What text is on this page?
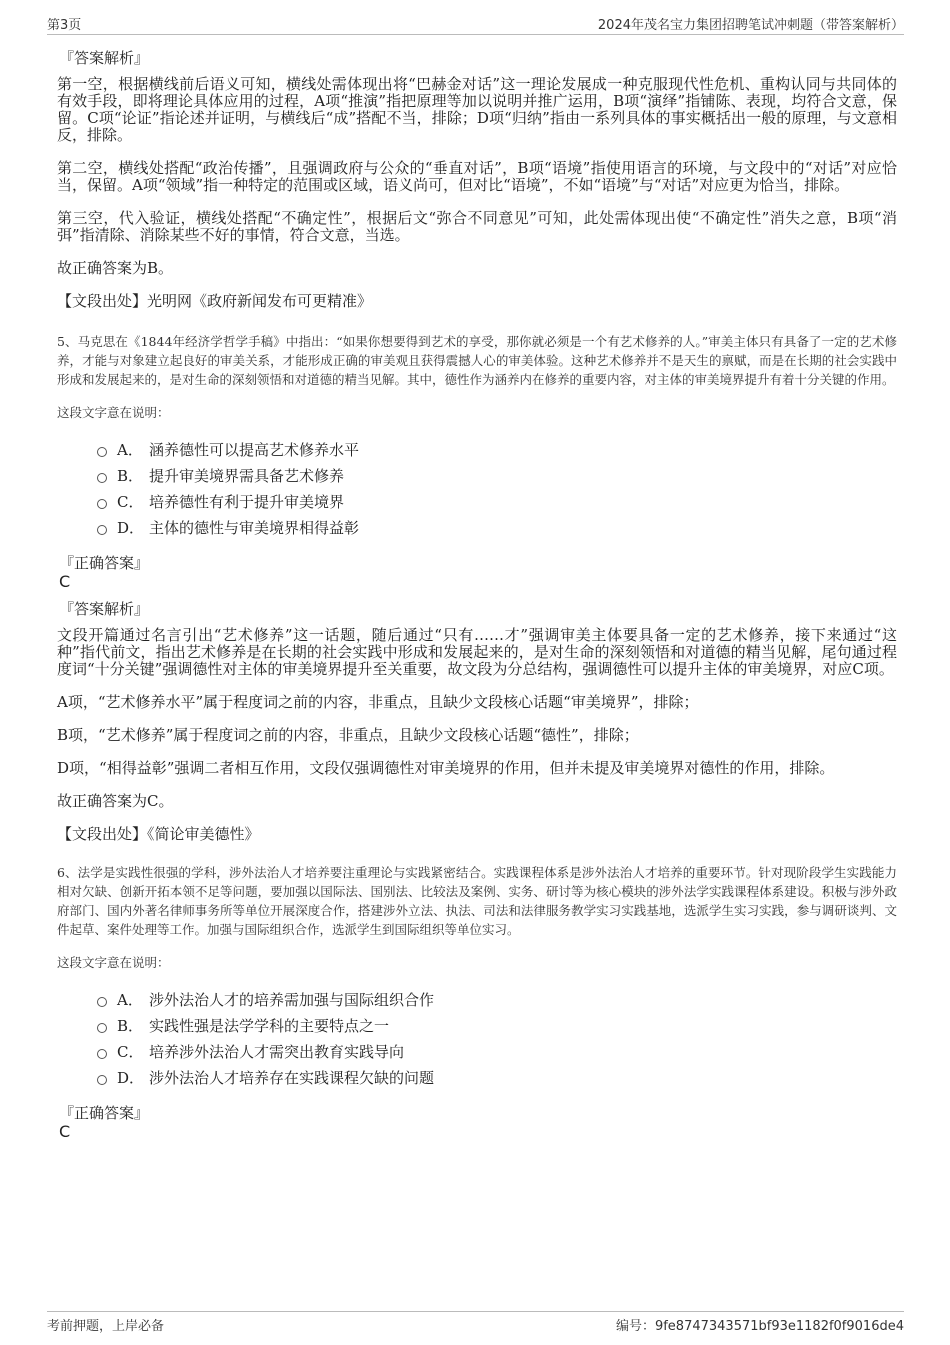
第3页	2024年茂名宝力集团招聘笔试冲刺题（带答案解析）
『答案解析』

第一空，根据横线前后语义可知，横线处需体现出将“巴赫金对话”这一理论发展成一种克服现代性危机、重构认同与共同体的有效手段，即将理论具体应用的过程，A项“推演”指把原理等加以说明并推广运用，B项“演绎”指铺陈、表现，均符合文意，保留。C项“论证”指论述并证明，与横线后“成”搭配不当，排除；D项“归纳”指由一系列具体的事实概括出一般的原理，与文意相反，排除。

第二空，横线处搭配“政治传播”，且强调政府与公众的“垂直对话”，B项“语境”指使用语言的环境，与文段中的“对话”对应恰当，保留。A项“领域”指一种特定的范围或区域，语义尚可，但对比“语境”，不如“语境”与“对话”对应更为恰当，排除。

第三空，代入验证，横线处搭配“不确定性”，根据后文“弥合不同意见”可知，此处需体现出使“不确定性”消失之意，B项“消弭”指清除、消除某些不好的事情，符合文意，当选。

故正确答案为B。

【文段出处】光明网《政府新闻发布可更精准》

5、马克思在《1844年经济学哲学手稿》中指出：“如果你想要得到艺术的享受，那你就必须是一个有艺术修养的人。”审美主体只有具备了一定的艺术修养，才能与对象建立起良好的审美关系，才能形成正确的审美观且获得震撼人心的审美体验。这种艺术修养并不是天生的禀赋，而是在长期的社会实践中形成和发展起来的，是对生命的深刻领悟和对道德的精当见解。其中，德性作为涵养内在修养的重要内容，对主体的审美境界提升有着十分关键的作用。

这段文字意在说明：

A． 涵养德性可以提高艺术修养水平
B． 提升审美境界需具备艺术修养
C． 培养德性有利于提升审美境界
D． 主体的德性与审美境界相得益彰
『正确答案』
C
『答案解析』

文段开篇通过名言引出“艺术修养”这一话题，随后通过“只有……才”强调审美主体要具备一定的艺术修养，接下来通过“这种”指代前文，指出艺术修养是在长期的社会实践中形成和发展起来的，是对生命的深刻领悟和对道德的精当见解，尾句通过程度词“十分关键”强调德性对主体的审美境界提升至关重要，故文段为分总结构，强调德性可以提升主体的审美境界，对应C项。

A项，“艺术修养水平”属于程度词之前的内容，非重点，且缺少文段核心话题“审美境界”，排除；

B项，“艺术修养”属于程度词之前的内容，非重点，且缺少文段核心话题“德性”，排除；

D项，“相得益彰”强调二者相互作用，文段仅强调德性对审美境界的作用，但并未提及审美境界对德性的作用，排除。

故正确答案为C。

【文段出处】《简论审美德性》

6、法学是实践性很强的学科，涉外法治人才培养要注重理论与实践紧密结合。实践课程体系是涉外法治人才培养的重要环节。针对现阶段学生实践能力相对欠缺、创新开拓本领不足等问题，要加强以国际法、国别法、比较法及案例、实务、研讨等为核心模块的涉外法学实践课程体系建设。积极与涉外政府部门、国内外著名律师事务所等单位开展深度合作，搭建涉外立法、执法、司法和法律服务教学实习实践基地，选派学生实习实践，参与调研谈判、文件起草、案件处理等工作。加强与国际组织合作，选派学生到国际组织等单位实习。

这段文字意在说明：

A． 涉外法治人才的培养需加强与国际组织合作
B． 实践性强是法学学科的主要特点之一
C． 培养涉外法治人才需突出教育实践导向
D． 涉外法治人才培养存在实践课程欠缺的问题
『正确答案』
C
考前押题，上岸必备	编号：9fe8747343571bf93e1182f0f9016de4
